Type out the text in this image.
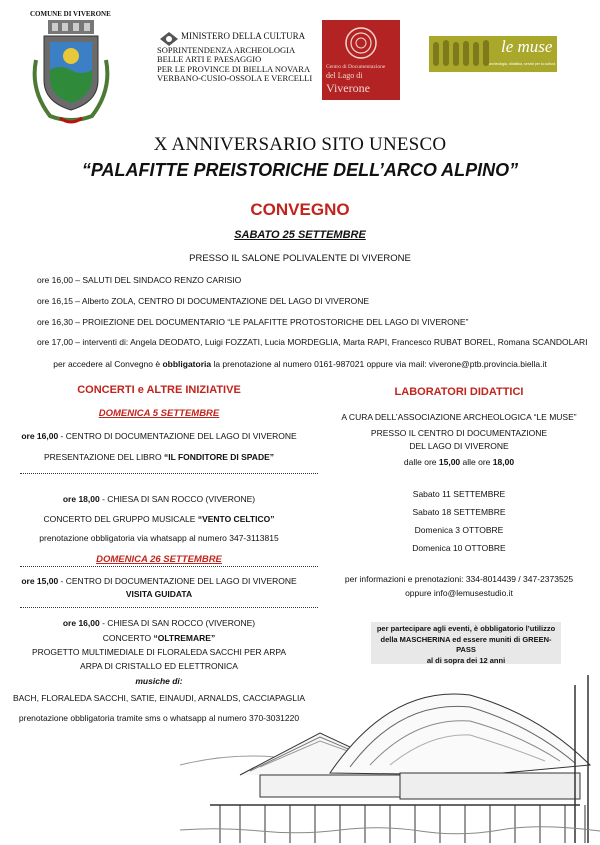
COMUNE DI VIVERONE
MINISTERO DELLA CULTURA
SOPRINTENDENZA ARCHEOLOGIA
BELLE ARTI E PAESAGGIO
PER LE PROVINCE DI BIELLA NOVARA
VERBANO-CUSIO-OSSOLA E VERCELLI
Centro di Documentazione
del Lago di
Viverone
le muse
archeologia, didattica, servizi per la cultura
X ANNIVERSARIO SITO UNESCO
“PALAFITTE PREISTORICHE DELL’ARCO ALPINO”
CONVEGNO
SABATO 25 SETTEMBRE
PRESSO IL SALONE POLIVALENTE DI VIVERONE
ore 16,00 – SALUTI DEL SINDACO RENZO CARISIO
ore 16,15 – Alberto ZOLA, CENTRO DI DOCUMENTAZIONE DEL LAGO DI VIVERONE
ore 16,30 – PROIEZIONE DEL DOCUMENTARIO “LE PALAFITTE PROTOSTORICHE DEL LAGO DI VIVERONE”
ore 17,00 – interventi di: Angela DEODATO, Luigi FOZZATI, Lucia MORDEGLIA, Marta RAPI, Francesco RUBAT BOREL, Romana SCANDOLARI
per accedere al Convegno è obbligatoria la prenotazione al numero 0161-987021 oppure via mail: viverone@ptb.provincia.biella.it
CONCERTI e ALTRE INIZIATIVE
DOMENICA 5 SETTEMBRE
ore 16,00 - CENTRO DI DOCUMENTAZIONE DEL LAGO DI VIVERONE
PRESENTAZIONE DEL LIBRO “IL FONDITORE DI SPADE”
ore 18,00 - CHIESA DI SAN ROCCO (VIVERONE)
CONCERTO DEL GRUPPO MUSICALE “VENTO CELTICO”
prenotazione obbligatoria via whatsapp al numero 347-3113815
DOMENICA 26 SETTEMBRE
ore 15,00 - CENTRO DI DOCUMENTAZIONE DEL LAGO DI VIVERONE
VISITA GUIDATA
ore 16,00 - CHIESA DI SAN ROCCO (VIVERONE)
CONCERTO “OLTREMARE”
PROGETTO MULTIMEDIALE DI FLORALEDA SACCHI PER ARPA
ARPA DI CRISTALLO ED ELETTRONICA
musiche di:
BACH, FLORALEDA SACCHI, SATIE, EINAUDI, ARNALDS, CACCIAPAGLIA
prenotazione obbligatoria tramite sms o whatsapp al numero 370-3031220
LABORATORI DIDATTICI
A CURA DELL’ASSOCIAZIONE ARCHEOLOGICA “LE MUSE”
PRESSO IL CENTRO DI DOCUMENTAZIONE
DEL LAGO DI VIVERONE
dalle ore 15,00 alle ore 18,00
Sabato 11 SETTEMBRE
Sabato 18 SETTEMBRE
Domenica 3 OTTOBRE
Domenica 10 OTTOBRE
per informazioni e prenotazioni: 334-8014439 / 347-2373525
oppure info@lemusestudio.it
per partecipare agli eventi, è obbligatorio l’utilizzo
della MASCHERINA ed essere muniti di GREEN-PASS
al di sopra dei 12 anni
